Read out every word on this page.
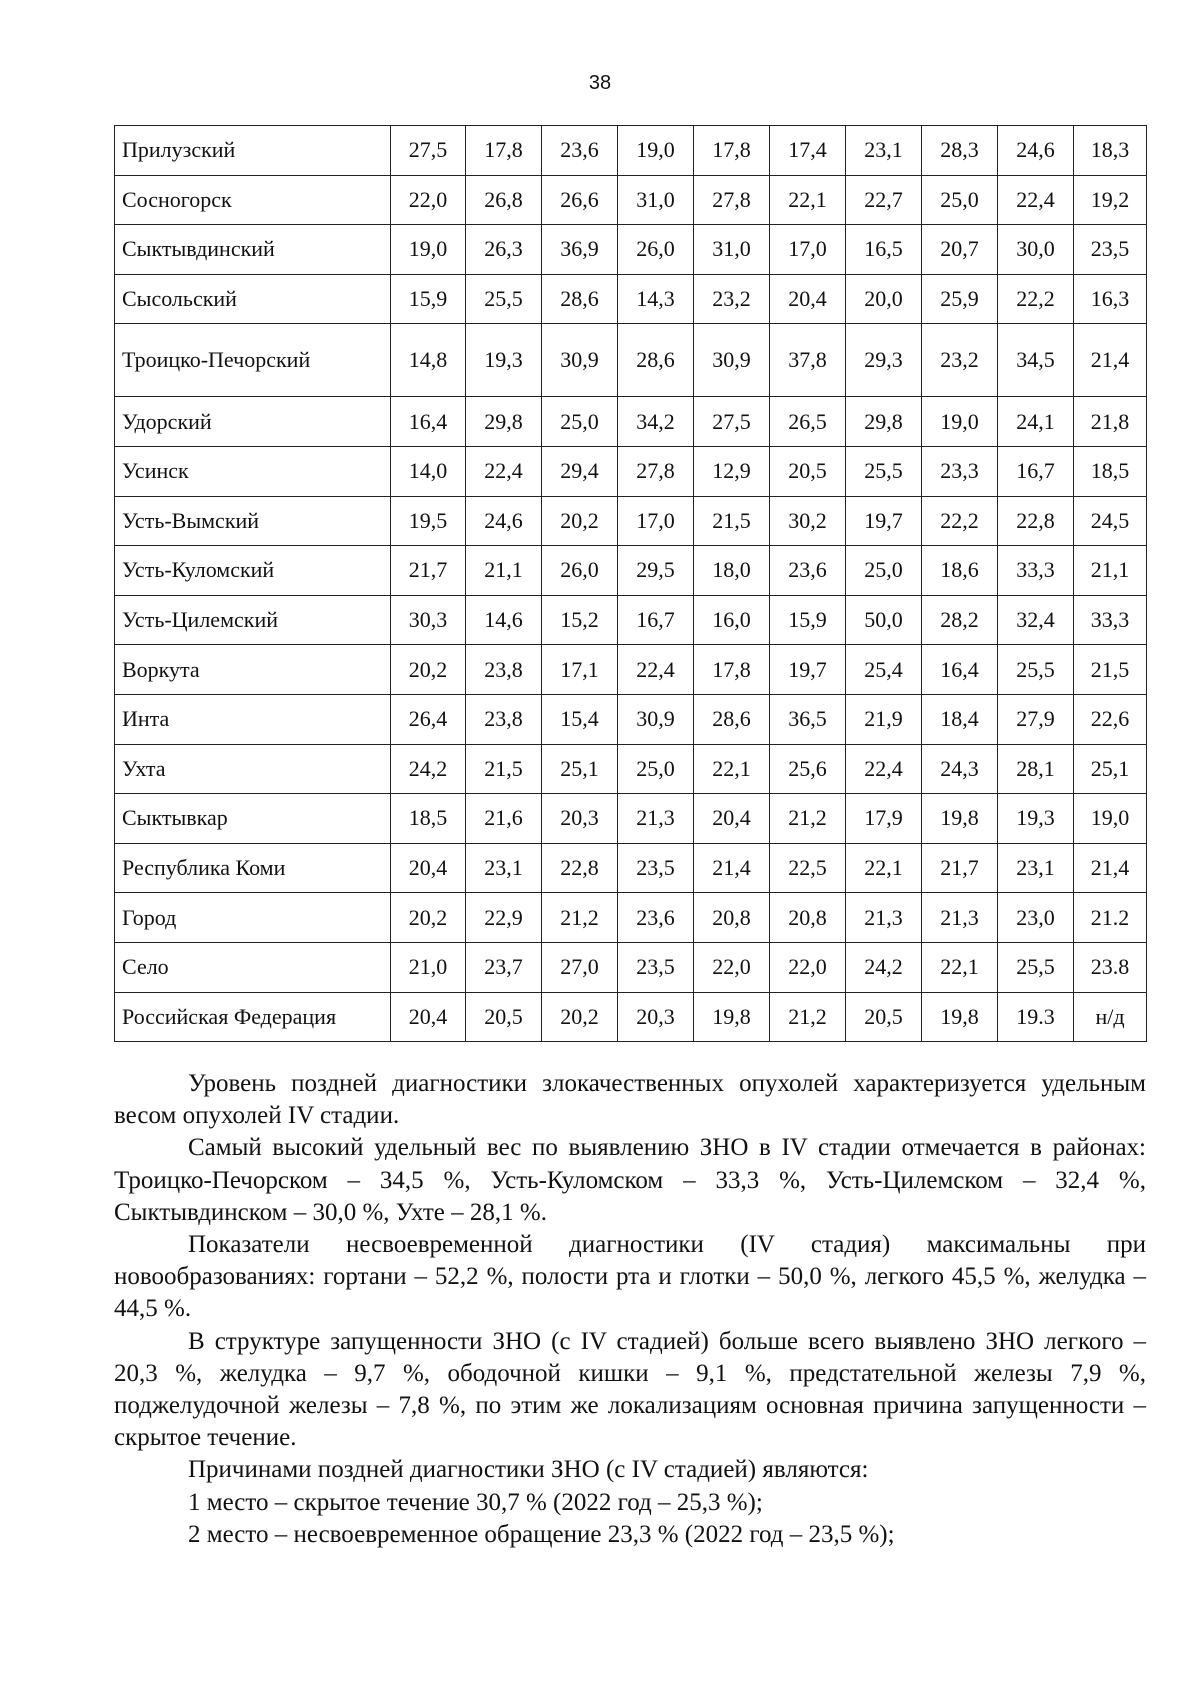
38
Прилузский	27,5	17,8	23,6	19,0	17,8	17,4	23,1	28,3	24,6	18,3
Сосногорск	22,0	26,8	26,6	31,0	27,8	22,1	22,7	25,0	22,4	19,2
Сыктывдинский	19,0	26,3	36,9	26,0	31,0	17,0	16,5	20,7	30,0	23,5
Сысольский	15,9	25,5	28,6	14,3	23,2	20,4	20,0	25,9	22,2	16,3
Троицко-Печорский	14,8	19,3	30,9	28,6	30,9	37,8	29,3	23,2	34,5	21,4
Удорский	16,4	29,8	25,0	34,2	27,5	26,5	29,8	19,0	24,1	21,8
Усинск	14,0	22,4	29,4	27,8	12,9	20,5	25,5	23,3	16,7	18,5
Усть-Вымский	19,5	24,6	20,2	17,0	21,5	30,2	19,7	22,2	22,8	24,5
Усть-Куломский	21,7	21,1	26,0	29,5	18,0	23,6	25,0	18,6	33,3	21,1
Усть-Цилемский	30,3	14,6	15,2	16,7	16,0	15,9	50,0	28,2	32,4	33,3
Воркута	20,2	23,8	17,1	22,4	17,8	19,7	25,4	16,4	25,5	21,5
Инта	26,4	23,8	15,4	30,9	28,6	36,5	21,9	18,4	27,9	22,6
Ухта	24,2	21,5	25,1	25,0	22,1	25,6	22,4	24,3	28,1	25,1
Сыктывкар	18,5	21,6	20,3	21,3	20,4	21,2	17,9	19,8	19,3	19,0
Республика Коми	20,4	23,1	22,8	23,5	21,4	22,5	22,1	21,7	23,1	21,4
Город	20,2	22,9	21,2	23,6	20,8	20,8	21,3	21,3	23,0	21.2
Село	21,0	23,7	27,0	23,5	22,0	22,0	24,2	22,1	25,5	23.8
Российская Федерация	20,4	20,5	20,2	20,3	19,8	21,2	20,5	19,8	19.3	н/д

Уровень поздней диагностики злокачественных опухолей характеризуется удельным весом опухолей IV стадии.

Самый высокий удельный вес по выявлению ЗНО в IV стадии отмечается в районах: Троицко-Печорском – 34,5 %, Усть-Куломском – 33,3 %, Усть-Цилемском – 32,4 %, Сыктывдинском – 30,0 %, Ухте – 28,1 %.

Показатели несвоевременной диагностики (IV стадия) максимальны при новообразованиях: гортани – 52,2 %, полости рта и глотки – 50,0 %, легкого 45,5 %, желудка – 44,5 %.

В структуре запущенности ЗНО (с IV стадией) больше всего выявлено ЗНО легкого – 20,3 %, желудка – 9,7 %, ободочной кишки – 9,1 %, предстательной железы 7,9 %, поджелудочной железы – 7,8 %, по этим же локализациям основная причина запущенности – скрытое течение.

Причинами поздней диагностики ЗНО (с IV стадией) являются:

1 место – скрытое течение 30,7 % (2022 год – 25,3 %);

2 место – несвоевременное обращение 23,3 % (2022 год – 23,5 %);
